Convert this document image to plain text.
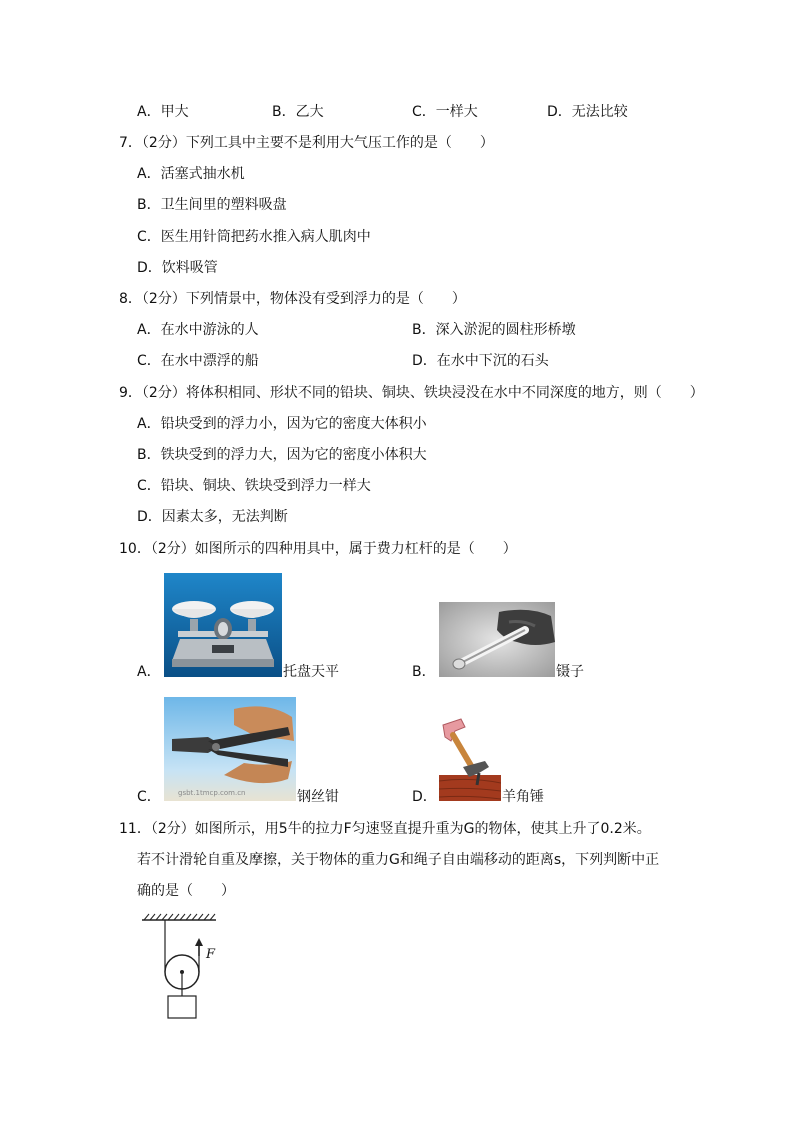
A．甲大	B．乙大	C．一样大	D．无法比较
7．（2分）下列工具中主要不是利用大气压工作的是（　　）
A．活塞式抽水机
B．卫生间里的塑料吸盘
C．医生用针筒把药水推入病人肌肉中
D．饮料吸管
8．（2分）下列情景中，物体没有受到浮力的是（　　）
A．在水中游泳的人	B．深入淤泥的圆柱形桥墩
C．在水中漂浮的船	D．在水中下沉的石头
9．（2分）将体积相同、形状不同的铅块、铜块、铁块浸没在水中不同深度的地方，则（　　）
A．铅块受到的浮力小，因为它的密度大体积小
B．铁块受到的浮力大，因为它的密度小体积大
C．铅块、铜块、铁块受到浮力一样大
D．因素太多，无法判断
10．（2分）如图所示的四种用具中，属于费力杠杆的是（　　）
A．	托盘天平	B．	镊子
C． gsbt.1tmcp.com.cn	钢丝钳	D．	羊角锤
11．（2分）如图所示，用5牛的拉力F匀速竖直提升重为G的物体，使其上升了0.2米。
若不计滑轮自重及摩擦，关于物体的重力G和绳子自由端移动的距离s，下列判断中正
确的是（　　）
F
